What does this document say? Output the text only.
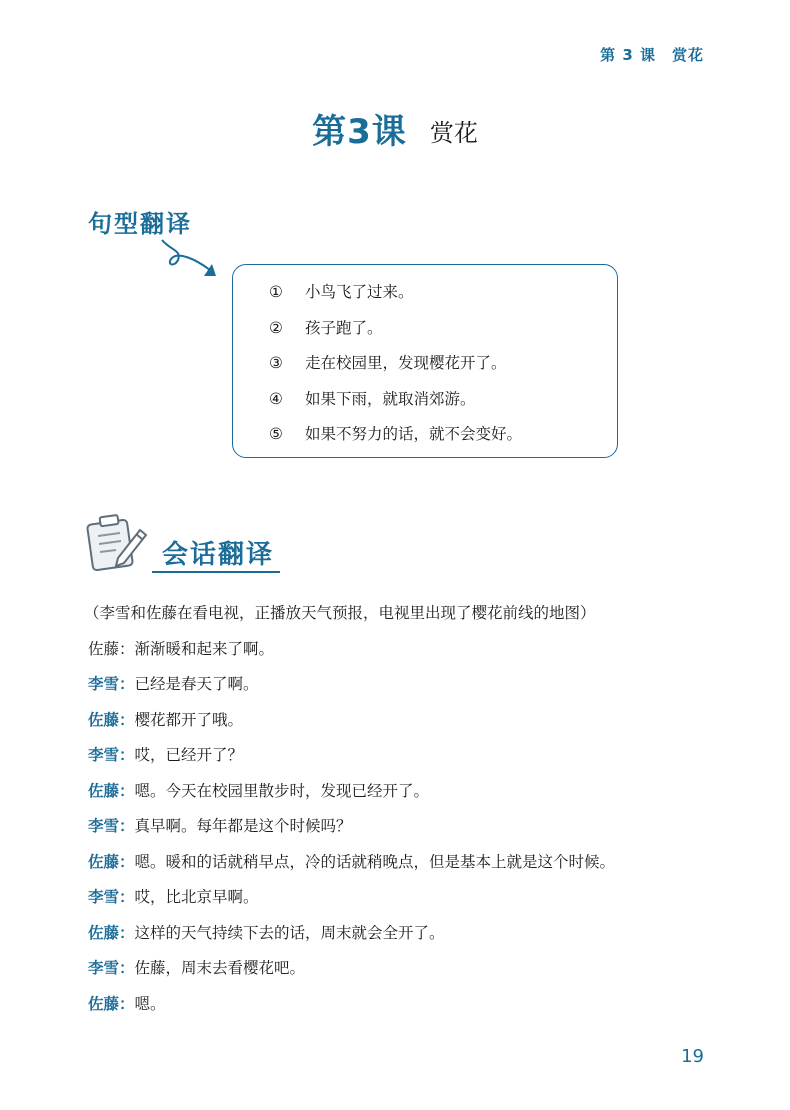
第 3 课　赏花
第3课 赏花
句型翻译
① 小鸟飞了过来。
② 孩子跑了。
③ 走在校园里，发现樱花开了。
④ 如果下雨，就取消郊游。
⑤ 如果不努力的话，就不会变好。
会话翻译
（李雪和佐藤在看电视，正播放天气预报，电视里出现了樱花前线的地图）
佐藤：渐渐暖和起来了啊。
李雪：已经是春天了啊。
佐藤：樱花都开了哦。
李雪：哎，已经开了？
佐藤：嗯。今天在校园里散步时，发现已经开了。
李雪：真早啊。每年都是这个时候吗？
佐藤：嗯。暖和的话就稍早点，冷的话就稍晚点，但是基本上就是这个时候。
李雪：哎，比北京早啊。
佐藤：这样的天气持续下去的话，周末就会全开了。
李雪：佐藤，周末去看樱花吧。
佐藤：嗯。
19
